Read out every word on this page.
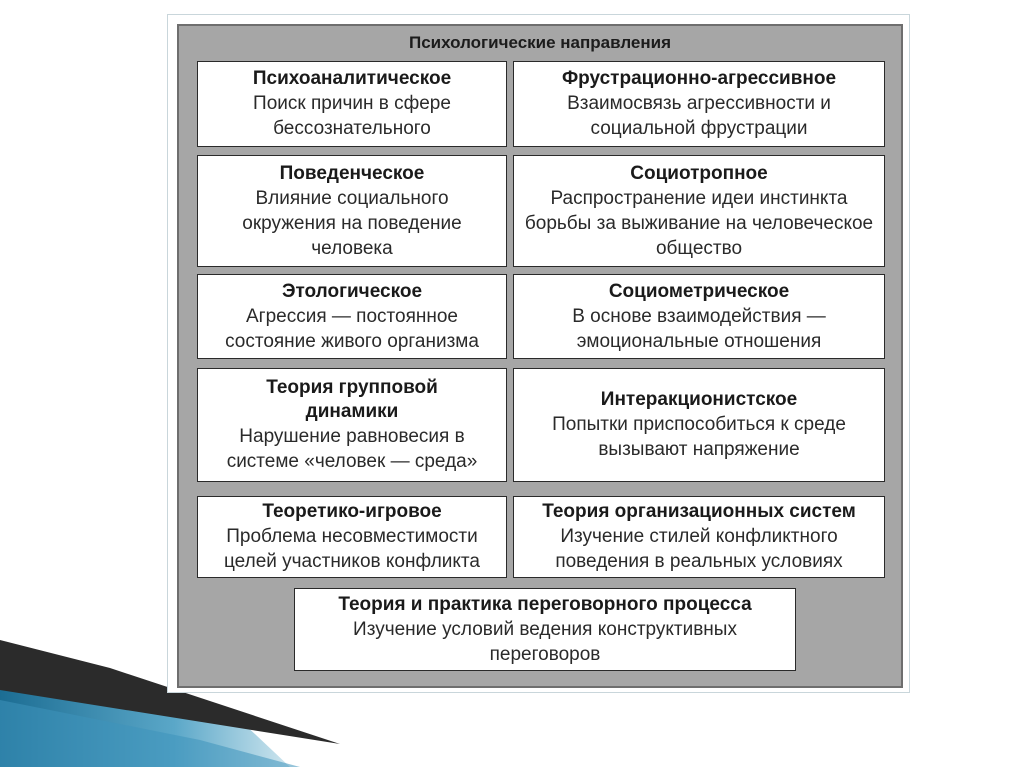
Психологические направления
Психоаналитическое
Поиск причин в сфере бессознательного
Фрустрационно-агрессивное
Взаимосвязь агрессивности и социальной фрустрации
Поведенческое
Влияние социального окружения на поведение человека
Социотропное
Распространение идеи инстинкта борьбы за выживание на человеческое общество
Этологическое
Агрессия — постоянное состояние живого организма
Социометрическое
В основе взаимодействия — эмоциональные отношения
Теория групповой динамики
Нарушение равновесия в системе «человек — среда»
Интеракционистское
Попытки приспособиться к среде вызывают напряжение
Теоретико-игровое
Проблема несовместимости целей участников конфликта
Теория организационных систем
Изучение стилей конфликтного поведения в реальных условиях
Теория и практика переговорного процесса
Изучение условий ведения конструктивных переговоров
